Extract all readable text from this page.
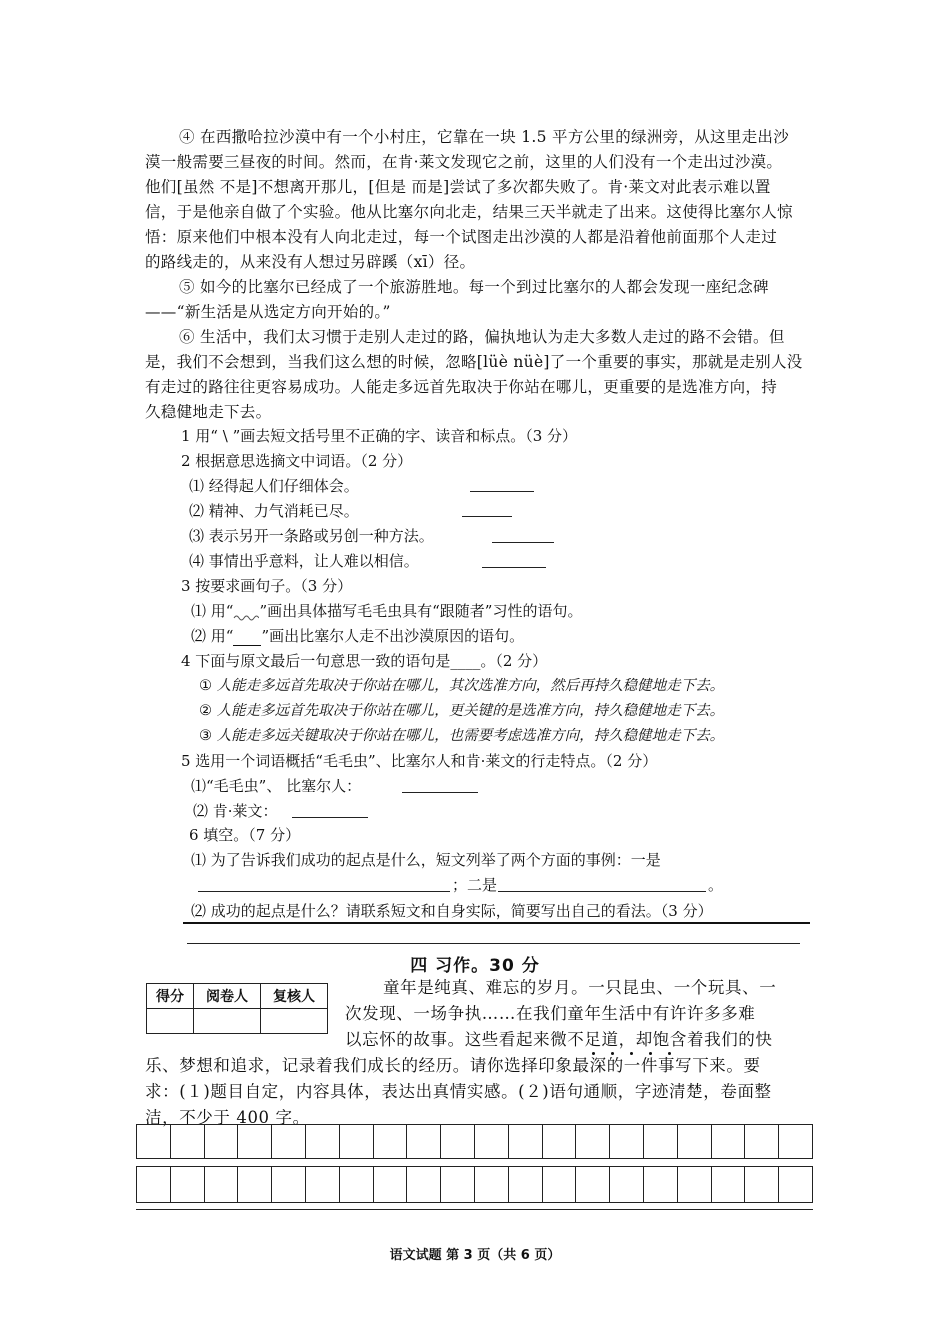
④ 在西撒哈拉沙漠中有一个小村庄，它靠在一块 1.5 平方公里的绿洲旁，从这里走出沙
漠一般需要三昼夜的时间。然而，在肯·莱文发现它之前，这里的人们没有一个走出过沙漠。
他们[虽然 不是]不想离开那儿，[但是 而是]尝试了多次都失败了。肯·莱文对此表示难以置
信，于是他亲自做了个实验。他从比塞尔向北走，结果三天半就走了出来。这使得比塞尔人惊
悟：原来他们中根本没有人向北走过，每一个试图走出沙漠的人都是沿着他前面那个人走过
的路线走的，从来没有人想过另辟蹊（xī）径。
⑤ 如今的比塞尔已经成了一个旅游胜地。每一个到过比塞尔的人都会发现一座纪念碑
——“新生活是从选定方向开始的。”
⑥ 生活中，我们太习惯于走别人走过的路，偏执地认为走大多数人走过的路不会错。但
是，我们不会想到，当我们这么想的时候，忽略[lüè nüè]了一个重要的事实，那就是走别人没
有走过的路往往更容易成功。人能走多远首先取决于你站在哪儿，更重要的是选准方向，持
久稳健地走下去。
1 用“ \ ”画去短文括号里不正确的字、读音和标点。（3 分）
2 根据意思选摘文中词语。（2 分）
⑴ 经得起人们仔细体会。
⑵ 精神、力气消耗已尽。
⑶ 表示另开一条路或另创一种方法。
⑷ 事情出乎意料，让人难以相信。
3 按要求画句子。（3 分）
⑴ 用“ ”画出具体描写毛毛虫具有“跟随者”习性的语句。
⑵ 用“ ”画出比塞尔人走不出沙漠原因的语句。
4 下面与原文最后一句意思一致的语句是____。（2 分）
① 人能走多远首先取决于你站在哪儿，其次选准方向，然后再持久稳健地走下去。
② 人能走多远首先取决于你站在哪儿，更关键的是选准方向，持久稳健地走下去。
③ 人能走多远关键取决于你站在哪儿，也需要考虑选准方向，持久稳健地走下去。
5 选用一个词语概括“毛毛虫”、比塞尔人和肯·莱文的行走特点。（2 分）
⑴“毛毛虫”、 比塞尔人：
⑵ 肯·莱文：
6 填空。（7 分）
⑴ 为了告诉我们成功的起点是什么，短文列举了两个方面的事例：一是
；二是	。
⑵ 成功的起点是什么？请联系短文和自身实际，简要写出自己的看法。（3 分）
四 习作。30 分
得分	阅卷人	复核人
			童年是纯真、难忘的岁月。一只昆虫、一个玩具、一
次发现、一场争执……在我们童年生活中有许许多多难
以忘怀的故事。这些看起来微不足道，却饱含着我们的快
乐、梦想和追求，记录着我们成长的经历。请你选择印象最深的一件事写下来。要
求：(１)题目自定，内容具体，表达出真情实感。(２)语句通顺，字迹清楚，卷面整
洁，不少于 400 字。
语文试题 第 3 页（共 6 页）
